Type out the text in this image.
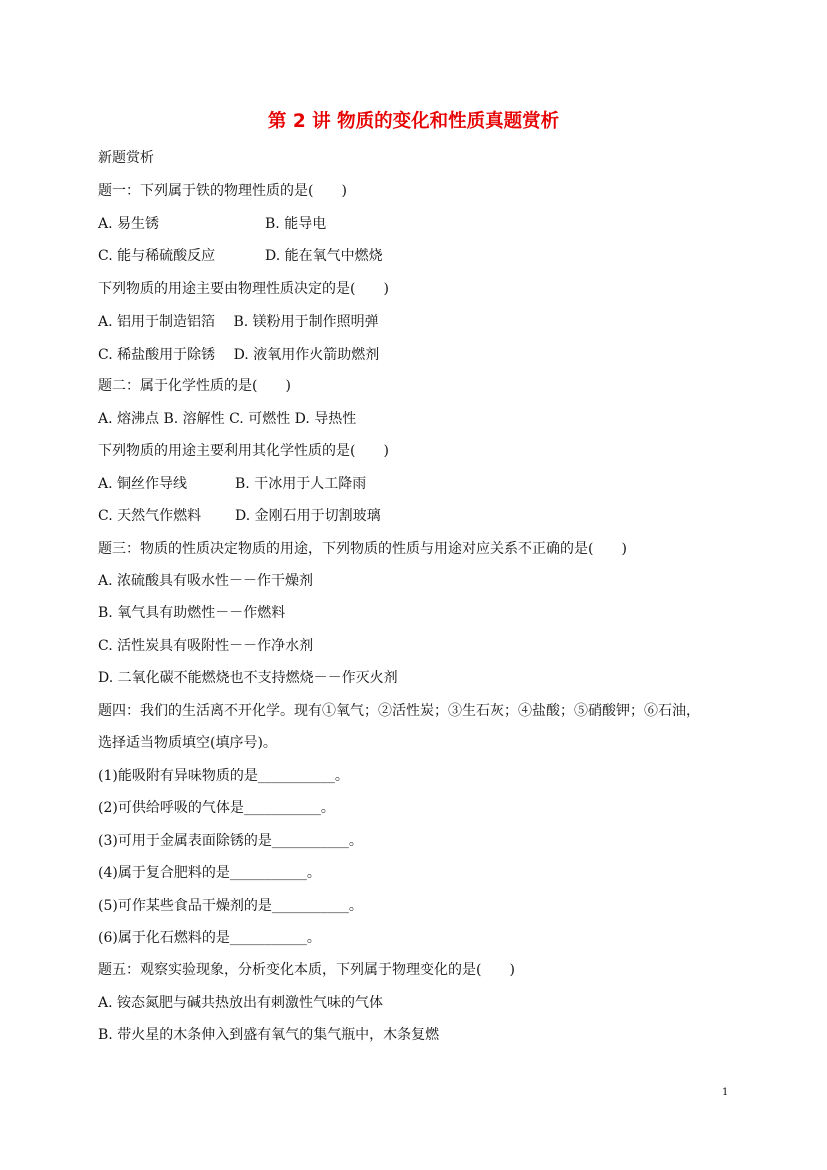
第 2 讲 物质的变化和性质真题赏析
新题赏析
题一：下列属于铁的物理性质的是(　　)
A. 易生锈	B. 能导电
C. 能与稀硫酸反应	D. 能在氧气中燃烧
下列物质的用途主要由物理性质决定的是(　　)
A. 铝用于制造铝箔　 B. 镁粉用于制作照明弹
C. 稀盐酸用于除锈　 D. 液氧用作火箭助燃剂
题二：属于化学性质的是(　　)
A. 熔沸点 B. 溶解性 C. 可燃性 D. 导热性
下列物质的用途主要利用其化学性质的是(　　)
A. 铜丝作导线	B. 干冰用于人工降雨
C. 天然气作燃料 D. 金刚石用于切割玻璃
题三：物质的性质决定物质的用途，下列物质的性质与用途对应关系不正确的是(　　)
A. 浓硫酸具有吸水性－－作干燥剂
B. 氧气具有助燃性－－作燃料
C. 活性炭具有吸附性－－作净水剂
D. 二氧化碳不能燃烧也不支持燃烧－－作灭火剂
题四：我们的生活离不开化学。现有①氧气；②活性炭；③生石灰；④盐酸；⑤硝酸钾；⑥石油，
选择适当物质填空(填序号)。
(1)能吸附有异味物质的是___________。
(2)可供给呼吸的气体是___________。
(3)可用于金属表面除锈的是___________。
(4)属于复合肥料的是___________。
(5)可作某些食品干燥剂的是___________。
(6)属于化石燃料的是___________。
题五：观察实验现象，分析变化本质，下列属于物理变化的是(　　)
A. 铵态氮肥与碱共热放出有刺激性气味的气体
B. 带火星的木条伸入到盛有氧气的集气瓶中，木条复燃
1
